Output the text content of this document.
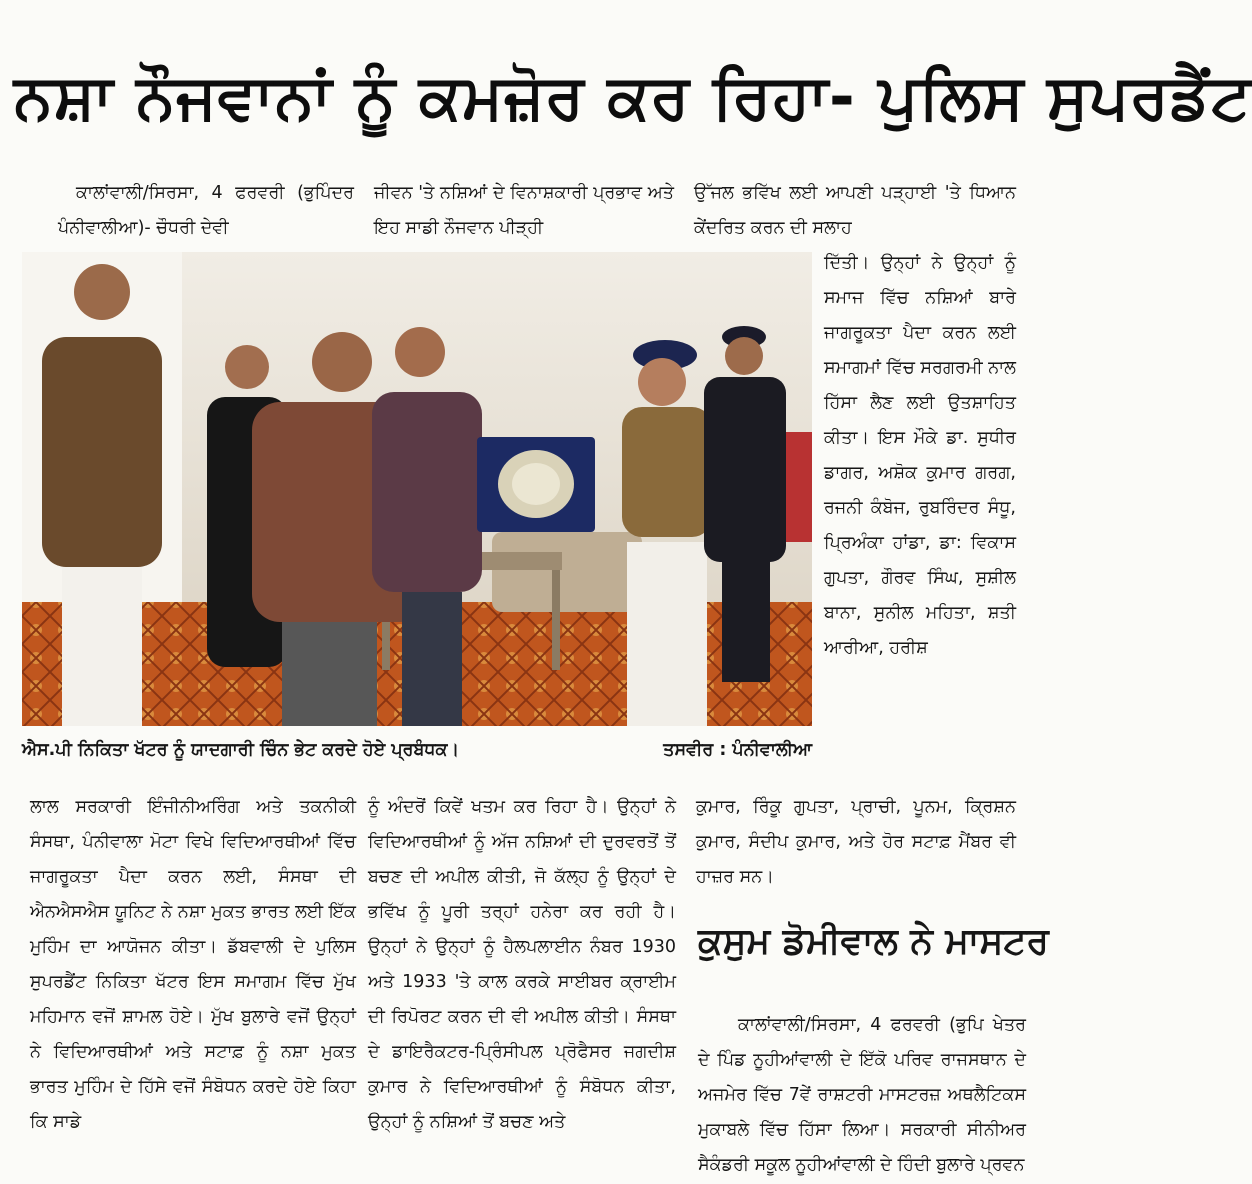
ਨਸ਼ਾ ਨੌਜਵਾਨਾਂ ਨੂੰ ਕਮਜ਼ੋਰ ਕਰ ਰਿਹਾ- ਪੁਲਿਸ ਸੁਪਰਡੈਂਟ

ਕਾਲਾਂਵਾਲੀ/ਸਿਰਸਾ, 4 ਫਰਵਰੀ (ਭੁਪਿੰਦਰ ਪੰਨੀਵਾਲੀਆ)- ਚੌਧਰੀ ਦੇਵੀ

ਜੀਵਨ 'ਤੇ ਨਸ਼ਿਆਂ ਦੇ ਵਿਨਾਸ਼ਕਾਰੀ ਪ੍ਰਭਾਵ ਅਤੇ ਇਹ ਸਾਡੀ ਨੌਜਵਾਨ ਪੀੜ੍ਹੀ

ਉੱਜਲ ਭਵਿੱਖ ਲਈ ਆਪਣੀ ਪੜ੍ਹਾਈ 'ਤੇ ਧਿਆਨ ਕੇਂਦਰਿਤ ਕਰਨ ਦੀ ਸਲਾਹ

ਦਿੱਤੀ। ਉਨ੍ਹਾਂ ਨੇ ਉਨ੍ਹਾਂ ਨੂੰ ਸਮਾਜ ਵਿੱਚ ਨਸ਼ਿਆਂ ਬਾਰੇ ਜਾਗਰੂਕਤਾ ਪੈਦਾ ਕਰਨ ਲਈ ਸਮਾਗਮਾਂ ਵਿੱਚ ਸਰਗਰਮੀ ਨਾਲ ਹਿੱਸਾ ਲੈਣ ਲਈ ਉਤਸ਼ਾਹਿਤ ਕੀਤਾ। ਇਸ ਮੌਕੇ ਡਾ. ਸੁਧੀਰ ਡਾਗਰ, ਅਸ਼ੋਕ ਕੁਮਾਰ ਗਰਗ, ਰਜਨੀ ਕੰਬੋਜ, ਰੁਬਰਿੰਦਰ ਸੰਧੂ, ਪ੍ਰਿਅੰਕਾ ਹਾਂਡਾ, ਡਾ: ਵਿਕਾਸ ਗੁਪਤਾ, ਗੌਰਵ ਸਿੰਘ, ਸੁਸ਼ੀਲ ਬਾਨਾ, ਸੁਨੀਲ ਮਹਿਤਾ, ਸ਼ਤੀ ਆਰੀਆ, ਹਰੀਸ਼

ਐਸ.ਪੀ ਨਿਕਿਤਾ ਖੱਟਰ ਨੂੰ ਯਾਦਗਾਰੀ ਚਿੰਨ ਭੇਟ ਕਰਦੇ ਹੋਏ ਪ੍ਰਬੰਧਕ।	ਤਸਵੀਰ : ਪੰਨੀਵਾਲੀਆ

ਲਾਲ ਸਰਕਾਰੀ ਇੰਜੀਨੀਅਰਿੰਗ ਅਤੇ ਤਕਨੀਕੀ ਸੰਸਥਾ, ਪੰਨੀਵਾਲਾ ਮੋਟਾ ਵਿਖੇ ਵਿਦਿਆਰਥੀਆਂ ਵਿੱਚ ਜਾਗਰੂਕਤਾ ਪੈਦਾ ਕਰਨ ਲਈ, ਸੰਸਥਾ ਦੀ ਐਨਐਸਐਸ ਯੂਨਿਟ ਨੇ ਨਸ਼ਾ ਮੁਕਤ ਭਾਰਤ ਲਈ ਇੱਕ ਮੁਹਿੰਮ ਦਾ ਆਯੋਜਨ ਕੀਤਾ। ਡੱਬਵਾਲੀ ਦੇ ਪੁਲਿਸ ਸੁਪਰਡੈਂਟ ਨਿਕਿਤਾ ਖੱਟਰ ਇਸ ਸਮਾਗਮ ਵਿੱਚ ਮੁੱਖ ਮਹਿਮਾਨ ਵਜੋਂ ਸ਼ਾਮਲ ਹੋਏ। ਮੁੱਖ ਬੁਲਾਰੇ ਵਜੋਂ ਉਨ੍ਹਾਂ ਨੇ ਵਿਦਿਆਰਥੀਆਂ ਅਤੇ ਸਟਾਫ਼ ਨੂੰ ਨਸ਼ਾ ਮੁਕਤ ਭਾਰਤ ਮੁਹਿੰਮ ਦੇ ਹਿੱਸੇ ਵਜੋਂ ਸੰਬੋਧਨ ਕਰਦੇ ਹੋਏ ਕਿਹਾ ਕਿ ਸਾਡੇ

ਨੂੰ ਅੰਦਰੋਂ ਕਿਵੇਂ ਖਤਮ ਕਰ ਰਿਹਾ ਹੈ। ਉਨ੍ਹਾਂ ਨੇ ਵਿਦਿਆਰਥੀਆਂ ਨੂੰ ਅੱਜ ਨਸ਼ਿਆਂ ਦੀ ਦੁਰਵਰਤੋਂ ਤੋਂ ਬਚਣ ਦੀ ਅਪੀਲ ਕੀਤੀ, ਜੋ ਕੱਲ੍ਹ ਨੂੰ ਉਨ੍ਹਾਂ ਦੇ ਭਵਿੱਖ ਨੂੰ ਪੂਰੀ ਤਰ੍ਹਾਂ ਹਨੇਰਾ ਕਰ ਰਹੀ ਹੈ। ਉਨ੍ਹਾਂ ਨੇ ਉਨ੍ਹਾਂ ਨੂੰ ਹੈਲਪਲਾਈਨ ਨੰਬਰ 1930 ਅਤੇ 1933 'ਤੇ ਕਾਲ ਕਰਕੇ ਸਾਈਬਰ ਕ੍ਰਾਈਮ ਦੀ ਰਿਪੋਰਟ ਕਰਨ ਦੀ ਵੀ ਅਪੀਲ ਕੀਤੀ। ਸੰਸਥਾ ਦੇ ਡਾਇਰੈਕਟਰ-ਪ੍ਰਿੰਸੀਪਲ ਪ੍ਰੋਫੈਸਰ ਜਗਦੀਸ਼ ਕੁਮਾਰ ਨੇ ਵਿਦਿਆਰਥੀਆਂ ਨੂੰ ਸੰਬੋਧਨ ਕੀਤਾ, ਉਨ੍ਹਾਂ ਨੂੰ ਨਸ਼ਿਆਂ ਤੋਂ ਬਚਣ ਅਤੇ

ਕੁਮਾਰ, ਰਿੰਕੂ ਗੁਪਤਾ, ਪ੍ਰਾਚੀ, ਪੂਨਮ, ਕ੍ਰਿਸ਼ਨ ਕੁਮਾਰ, ਸੰਦੀਪ ਕੁਮਾਰ, ਅਤੇ ਹੋਰ ਸਟਾਫ਼ ਮੈਂਬਰ ਵੀ ਹਾਜ਼ਰ ਸਨ।

ਕੁਸੁਮ ਡੋਮੀਵਾਲ ਨੇ ਮਾਸਟਰ

ਕਾਲਾਂਵਾਲੀ/ਸਿਰਸਾ, 4 ਫਰਵਰੀ (ਭੁਪਿ ਖੇਤਰ ਦੇ ਪਿੰਡ ਨੂਹੀਆਂਵਾਲੀ ਦੇ ਇੱਕੋ ਪਰਿਵ ਰਾਜਸਥਾਨ ਦੇ ਅਜਮੇਰ ਵਿੱਚ 7ਵੇਂ ਰਾਸ਼ਟਰੀ ਮਾਸਟਰਜ਼ ਅਥਲੈਟਿਕਸ ਮੁਕਾਬਲੇ ਵਿੱਚ ਹਿੱਸਾ ਲਿਆ। ਸਰਕਾਰੀ ਸੀਨੀਅਰ ਸੈਕੰਡਰੀ ਸਕੂਲ ਨੂਹੀਆਂਵਾਲੀ ਦੇ ਹਿੰਦੀ ਬੁਲਾਰੇ ਪ੍ਰਵਨ
